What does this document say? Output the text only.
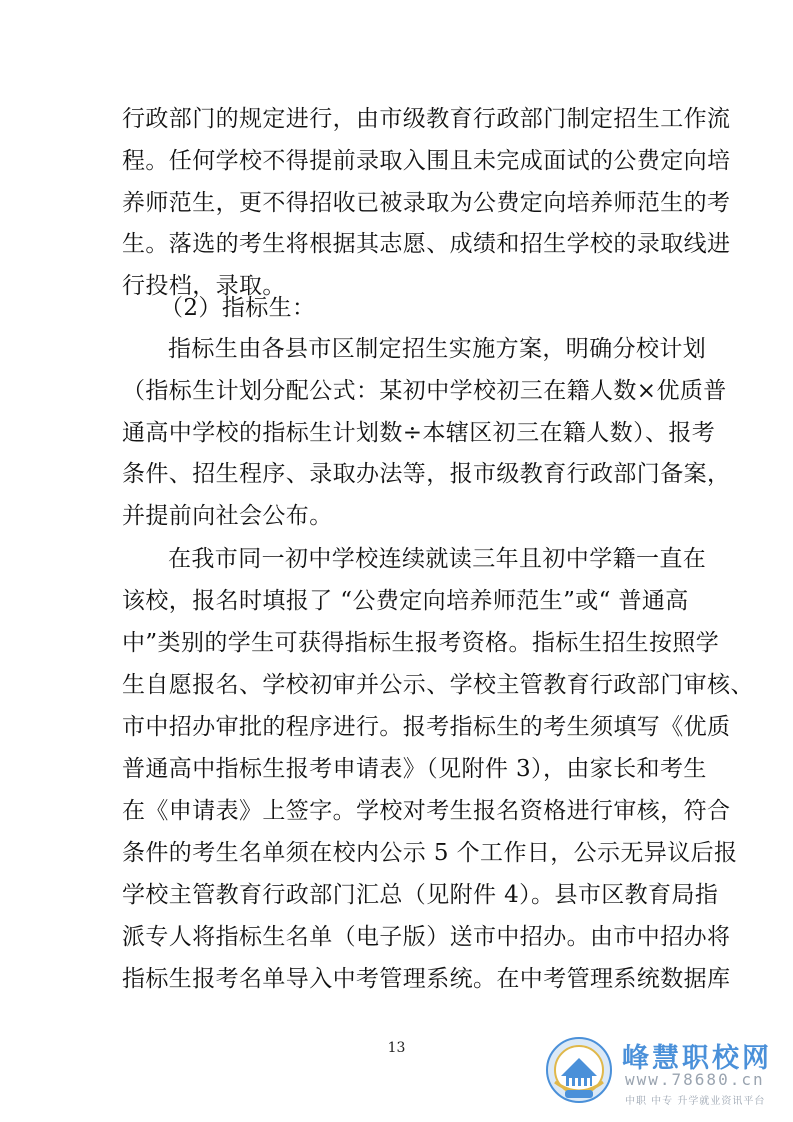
行政部门的规定进行，由市级教育行政部门制定招生工作流
程。任何学校不得提前录取入围且未完成面试的公费定向培
养师范生，更不得招收已被录取为公费定向培养师范生的考
生。落选的考生将根据其志愿、成绩和招生学校的录取线进
行投档，录取。
（2）指标生：
指标生由各县市区制定招生实施方案，明确分校计划
（指标生计划分配公式：某初中学校初三在籍人数×优质普
通高中学校的指标生计划数÷本辖区初三在籍人数）、报考
条件、招生程序、录取办法等，报市级教育行政部门备案，
并提前向社会公布。
在我市同一初中学校连续就读三年且初中学籍一直在
该校，报名时填报了 “公费定向培养师范生”或“ 普通高
中”类别的学生可获得指标生报考资格。指标生招生按照学
生自愿报名、学校初审并公示、学校主管教育行政部门审核、
市中招办审批的程序进行。报考指标生的考生须填写《优质
普通高中指标生报考申请表》（见附件 3），由家长和考生
在《申请表》上签字。学校对考生报名资格进行审核，符合
条件的考生名单须在校内公示 5 个工作日，公示无异议后报
学校主管教育行政部门汇总（见附件 4）。县市区教育局指
派专人将指标生名单（电子版）送市中招办。由市中招办将
指标生报考名单导入中考管理系统。在中考管理系统数据库
13	峰慧职校网
www.78680.cn
中职 中专 升学就业资讯平台
